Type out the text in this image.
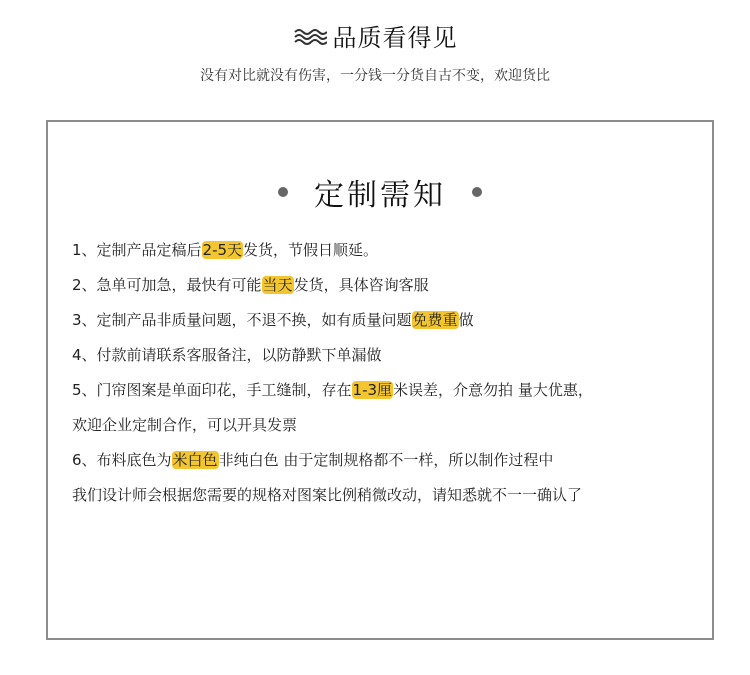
品质看得见
没有对比就没有伤害，一分钱一分货自古不变，欢迎货比
定制需知
1、定制产品定稿后2-5天发货，节假日顺延。
2、急单可加急，最快有可能当天发货，具体咨询客服
3、定制产品非质量问题，不退不换，如有质量问题免费重做
4、付款前请联系客服备注，以防静默下单漏做
5、门帘图案是单面印花，手工缝制，存在1-3厘米误差，介意勿拍 量大优惠，
欢迎企业定制合作，可以开具发票
6、布料底色为米白色非纯白色 由于定制规格都不一样，所以制作过程中
我们设计师会根据您需要的规格对图案比例稍微改动，请知悉就不一一确认了
